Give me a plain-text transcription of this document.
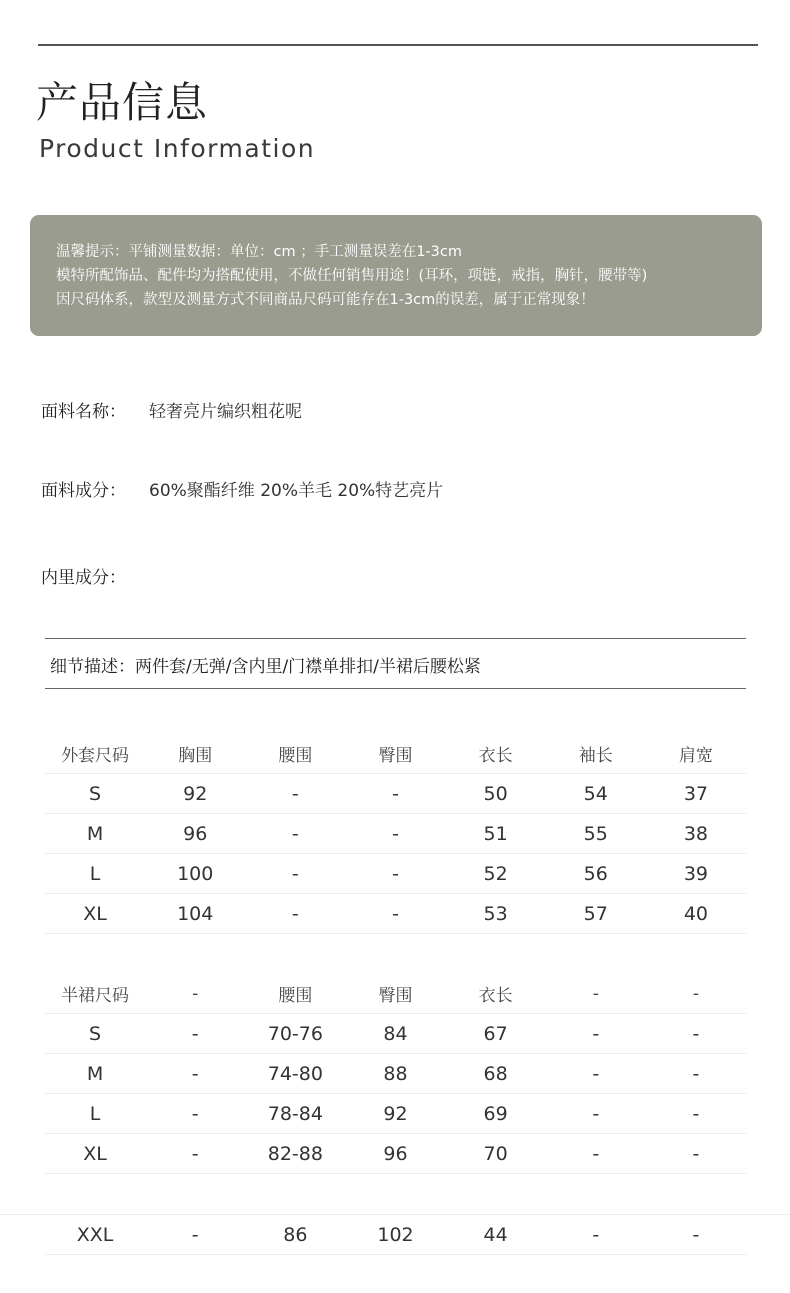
产品信息
Product Information
温馨提示：平铺测量数据：单位：cm ；手工测量误差在1-3cm
模特所配饰品、配件均为搭配使用，不做任何销售用途！(耳环，项链，戒指，胸针，腰带等)
因尺码体系，款型及测量方式不同商品尺码可能存在1-3cm的误差，属于正常现象！
面料名称： 轻奢亮片编织粗花呢
面料成分： 60%聚酯纤维 20%羊毛 20%特艺亮片
内里成分：
细节描述：两件套/无弹/含内里/门襟单排扣/半裙后腰松紧
外套尺码	胸围	腰围	臀围	衣长	袖长	肩宽
S	92	-	-	50	54	37
M	96	-	-	51	55	38
L	100	-	-	52	56	39
XL	104	-	-	53	57	40
半裙尺码	-	腰围	臀围	衣长	-	-
S	-	70-76	84	67	-	-
M	-	74-80	88	68	-	-
L	-	78-84	92	69	-	-
XL	-	82-88	96	70	-	-
XXL	-	86	102	44	-	-
